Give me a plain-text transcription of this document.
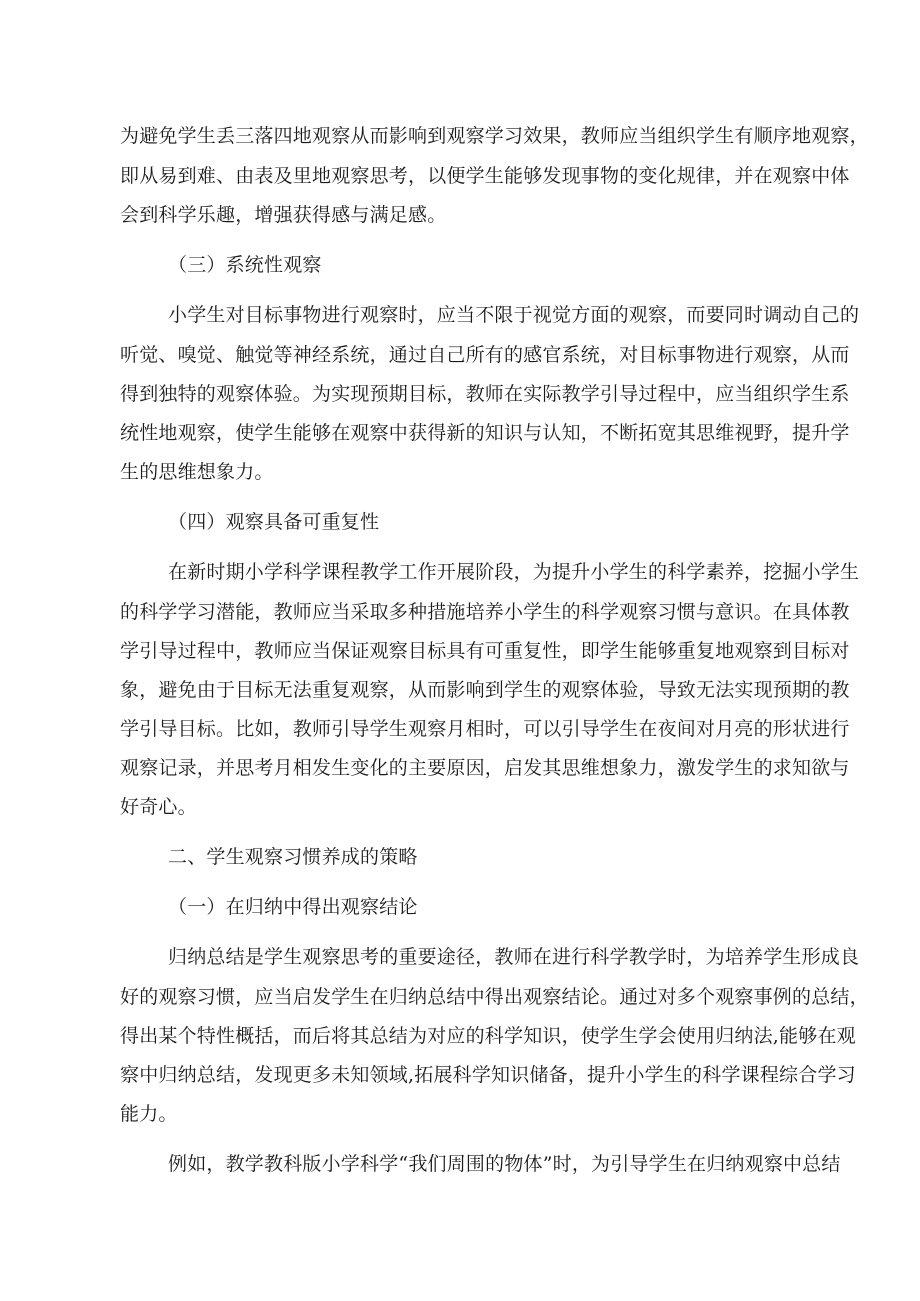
为避免学生丢三落四地观察从而影响到观察学习效果，教师应当组织学生有顺序地观察，
即从易到难、由表及里地观察思考，以便学生能够发现事物的变化规律，并在观察中体
会到科学乐趣，增强获得感与满足感。
（三）系统性观察
小学生对目标事物进行观察时，应当不限于视觉方面的观察，而要同时调动自己的
听觉、嗅觉、触觉等神经系统，通过自己所有的感官系统，对目标事物进行观察，从而
得到独特的观察体验。为实现预期目标，教师在实际教学引导过程中，应当组织学生系
统性地观察，使学生能够在观察中获得新的知识与认知，不断拓宽其思维视野，提升学
生的思维想象力。
（四）观察具备可重复性
在新时期小学科学课程教学工作开展阶段，为提升小学生的科学素养，挖掘小学生
的科学学习潜能，教师应当采取多种措施培养小学生的科学观察习惯与意识。在具体教
学引导过程中，教师应当保证观察目标具有可重复性，即学生能够重复地观察到目标对
象，避免由于目标无法重复观察，从而影响到学生的观察体验，导致无法实现预期的教
学引导目标。比如，教师引导学生观察月相时，可以引导学生在夜间对月亮的形状进行
观察记录，并思考月相发生变化的主要原因，启发其思维想象力，激发学生的求知欲与
好奇心。
二、学生观察习惯养成的策略
（一）在归纳中得出观察结论
归纳总结是学生观察思考的重要途径，教师在进行科学教学时，为培养学生形成良
好的观察习惯，应当启发学生在归纳总结中得出观察结论。通过对多个观察事例的总结，
得出某个特性概括，而后将其总结为对应的科学知识，使学生学会使用归纳法,能够在观
察中归纳总结，发现更多未知领域,拓展科学知识储备，提升小学生的科学课程综合学习
能力。
例如，教学教科版小学科学“我们周围的物体”时，为引导学生在归纳观察中总结
